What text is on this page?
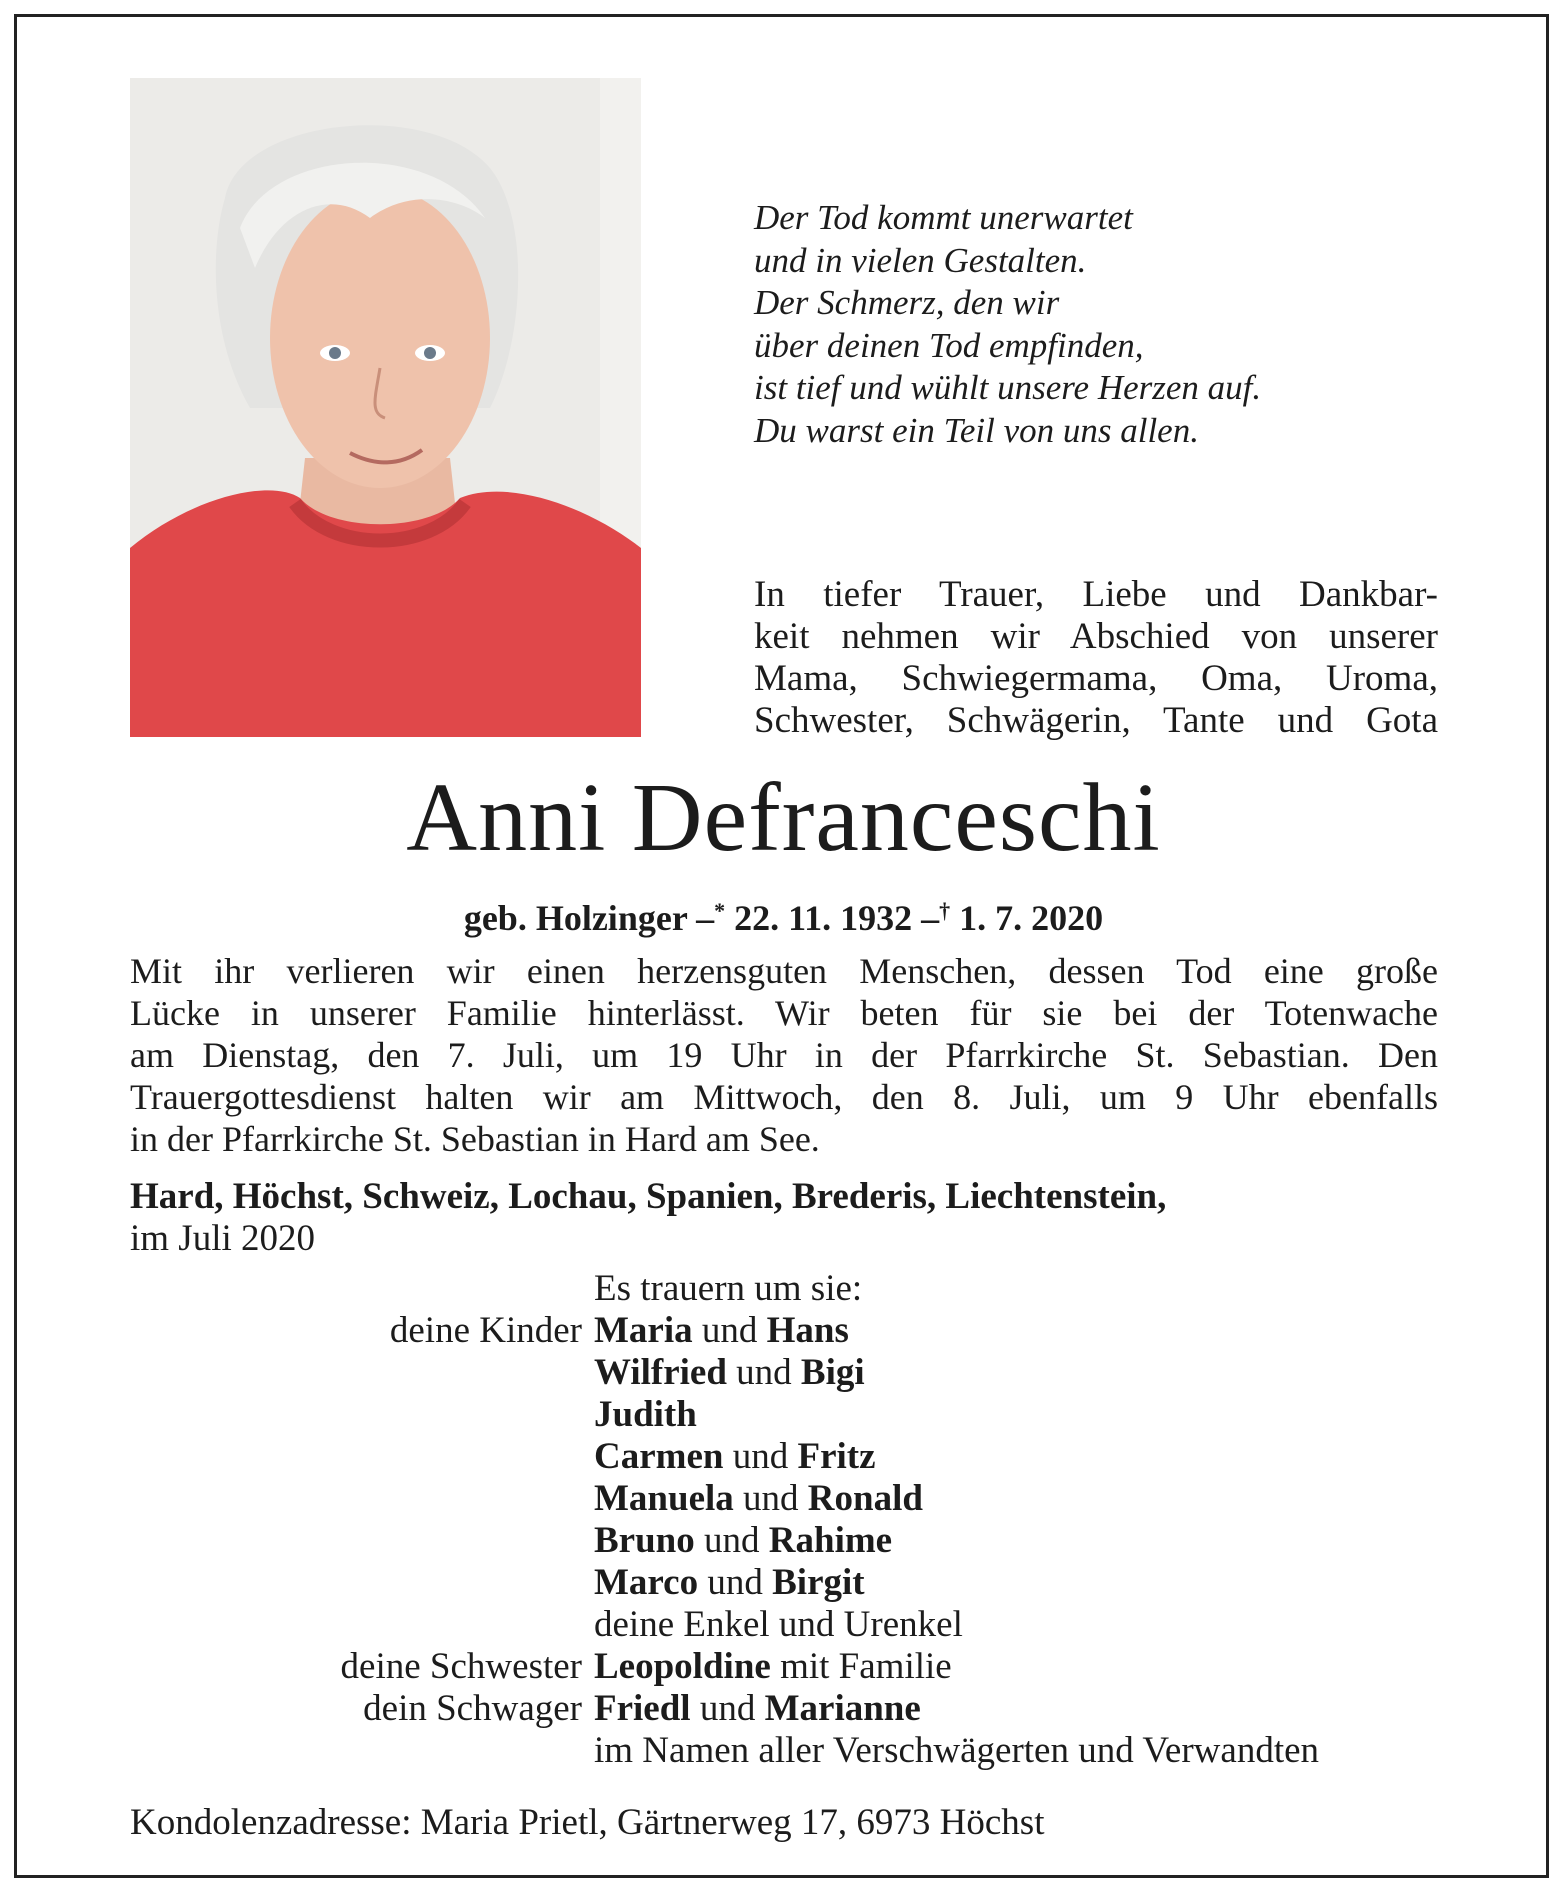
Der Tod kommt unerwartet
und in vielen Gestalten.
Der Schmerz, den wir
über deinen Tod empfinden,
ist tief und wühlt unsere Herzen auf.
Du warst ein Teil von uns allen.
In tiefer Trauer, Liebe und Dankbar-
keit nehmen wir Abschied von unserer
Mama, Schwiegermama, Oma, Uroma,
Schwester, Schwägerin, Tante und Gota
Anni Defranceschi
geb. Holzinger –* 22. 11. 1932 –† 1. 7. 2020
Mit ihr verlieren wir einen herzensguten Menschen, dessen Tod eine große
Lücke in unserer Familie hinterlässt. Wir beten für sie bei der Totenwache
am Dienstag, den 7. Juli, um 19 Uhr in der Pfarrkirche St. Sebastian. Den
Trauergottesdienst halten wir am Mittwoch, den 8. Juli, um 9 Uhr ebenfalls
in der Pfarrkirche St. Sebastian in Hard am See.
Hard, Höchst, Schweiz, Lochau, Spanien, Brederis, Liechtenstein,
im Juli 2020
Es trauern um sie:
deine Kinder Maria und Hans
Wilfried und Bigi
Judith
Carmen und Fritz
Manuela und Ronald
Bruno und Rahime
Marco und Birgit
deine Enkel und Urenkel
deine Schwester Leopoldine mit Familie
dein Schwager Friedl und Marianne
im Namen aller Verschwägerten und Verwandten
Kondolenzadresse: Maria Prietl, Gärtnerweg 17, 6973 Höchst
